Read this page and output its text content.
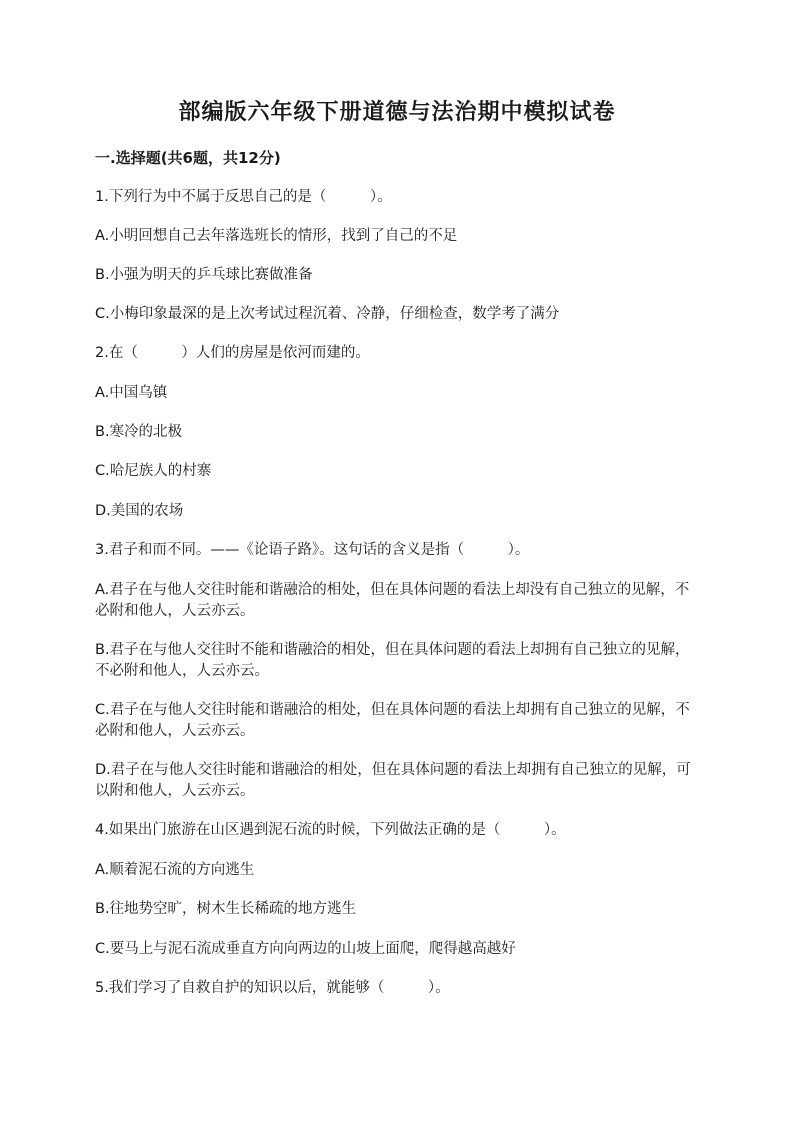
部编版六年级下册道德与法治期中模拟试卷
一.选择题(共6题，共12分)
1.下列行为中不属于反思自己的是（　　　）。
A.小明回想自己去年落选班长的情形，找到了自己的不足
B.小强为明天的乒乓球比赛做准备
C.小梅印象最深的是上次考试过程沉着、冷静，仔细检查，数学考了满分
2.在（　　　）人们的房屋是依河而建的。
A.中国乌镇
B.寒冷的北极
C.哈尼族人的村寨
D.美国的农场
3.君子和而不同。——《论语子路》。这句话的含义是指（　　　）。
A.君子在与他人交往时能和谐融洽的相处，但在具体问题的看法上却没有自己独立的见解，不必附和他人，人云亦云。
B.君子在与他人交往时不能和谐融洽的相处，但在具体问题的看法上却拥有自己独立的见解，不必附和他人，人云亦云。
C.君子在与他人交往时能和谐融洽的相处，但在具体问题的看法上却拥有自己独立的见解，不必附和他人，人云亦云。
D.君子在与他人交往时能和谐融洽的相处，但在具体问题的看法上却拥有自己独立的见解，可以附和他人，人云亦云。
4.如果出门旅游在山区遇到泥石流的时候，下列做法正确的是（　　　）。
A.顺着泥石流的方向逃生
B.往地势空旷，树木生长稀疏的地方逃生
C.要马上与泥石流成垂直方向向两边的山坡上面爬，爬得越高越好
5.我们学习了自救自护的知识以后，就能够（　　　）。
